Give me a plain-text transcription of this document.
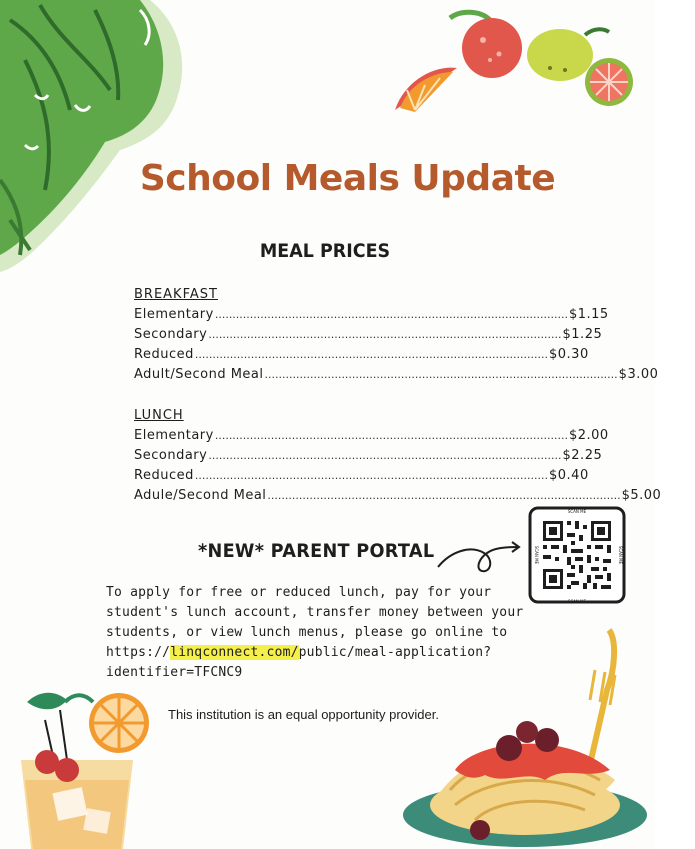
School Meals Update
MEAL PRICES
BREAKFAST
Elementary ..................................................................................................... $1.15
Secondary ..................................................................................................... $1.25
Reduced ..................................................................................................... $0.30
Adult/Second Meal ..................................................................................................... $3.00
LUNCH
Elementary ..................................................................................................... $2.00
Secondary ..................................................................................................... $2.25
Reduced ..................................................................................................... $0.40
Adule/Second Meal ..................................................................................................... $5.00
SCAN ME
SCAN ME
SCAN ME	SCAN ME
*NEW* PARENT PORTAL
To apply for free or reduced lunch, pay for your student's lunch account, transfer money between your students, or view lunch menus, please go online to https://linqconnect.com/public/meal-application?identifier=TFCNC9
This institution is an equal opportunity provider.
